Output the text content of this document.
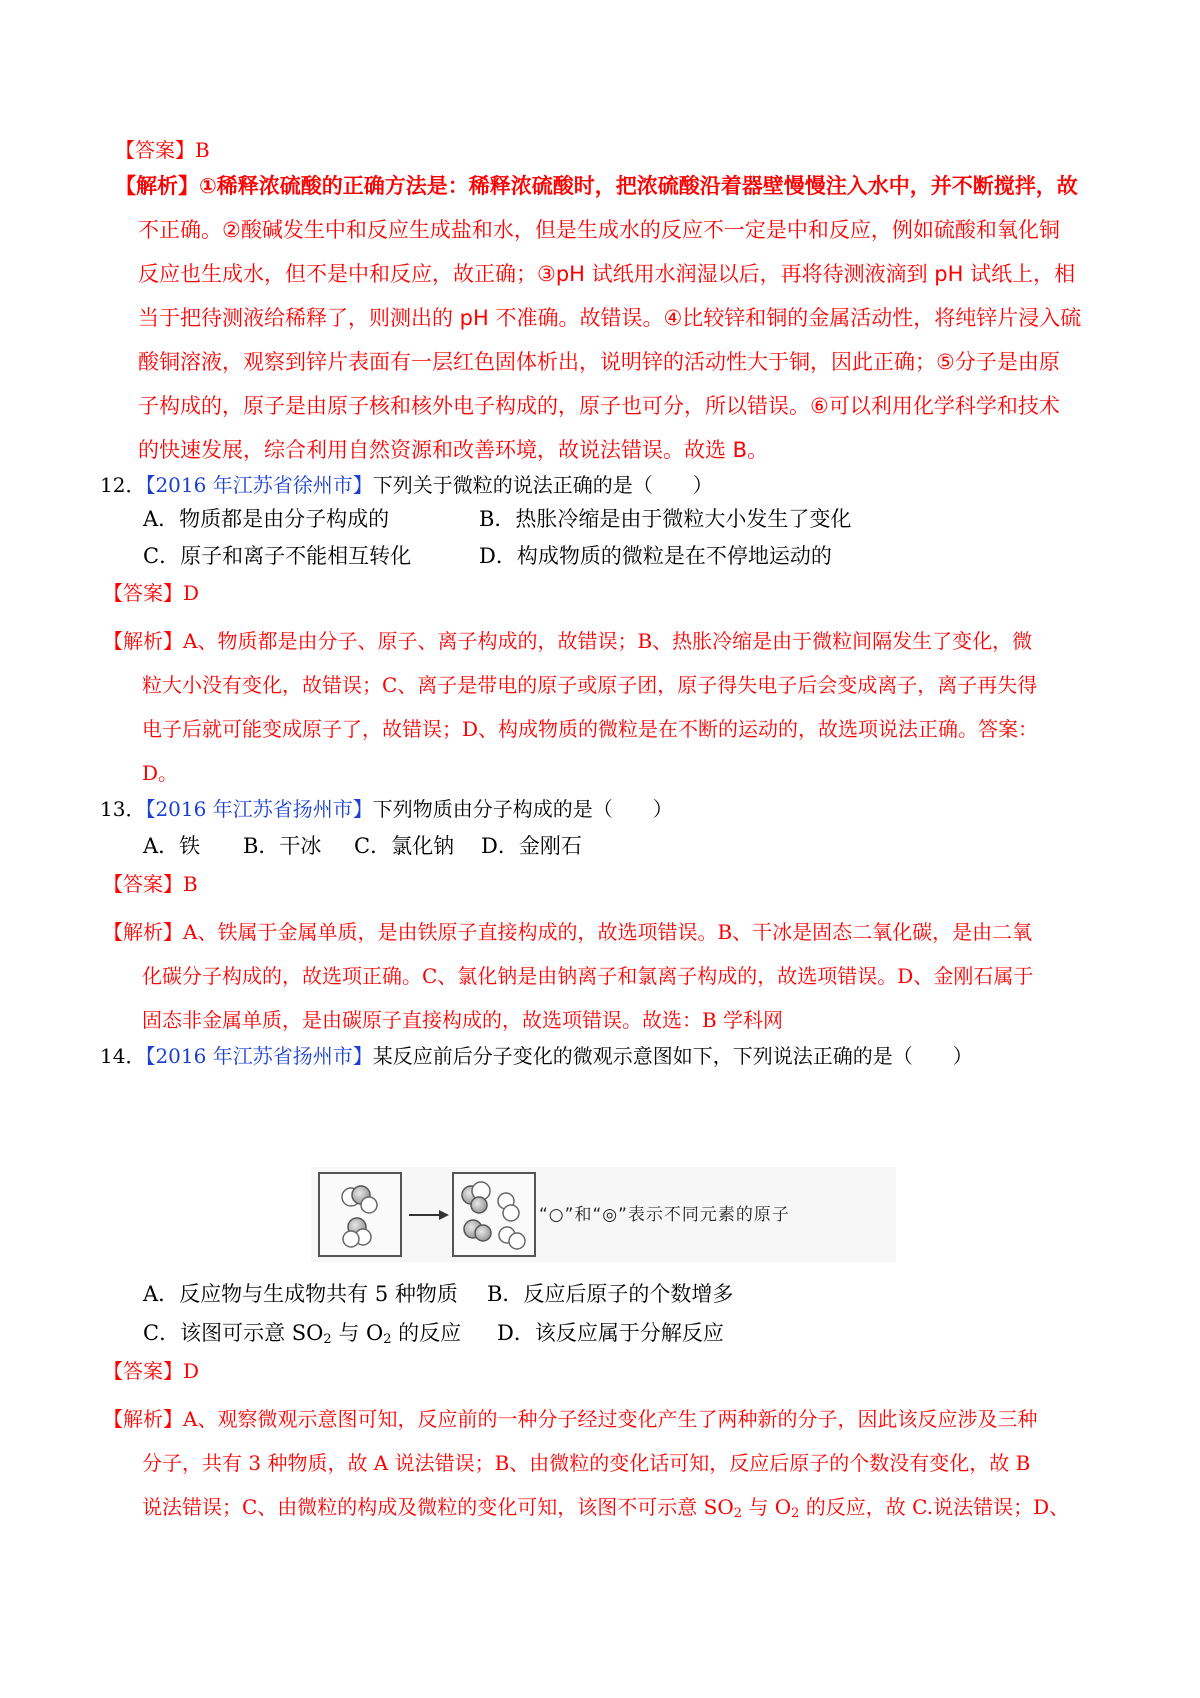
【答案】B
【解析】①稀释浓硫酸的正确方法是：稀释浓硫酸时，把浓硫酸沿着器壁慢慢注入水中，并不断搅拌，故
不正确。②酸碱发生中和反应生成盐和水，但是生成水的反应不一定是中和反应，例如硫酸和氧化铜
反应也生成水，但不是中和反应，故正确；③pH 试纸用水润湿以后，再将待测液滴到 pH 试纸上，相
当于把待测液给稀释了，则测出的 pH 不准确。故错误。④比较锌和铜的金属活动性，将纯锌片浸入硫
酸铜溶液，观察到锌片表面有一层红色固体析出，说明锌的活动性大于铜，因此正确；⑤分子是由原
子构成的，原子是由原子核和核外电子构成的，原子也可分，所以错误。⑥可以利用化学科学和技术
的快速发展，综合利用自然资源和改善环境，故说法错误。故选 B。
12．【2016 年江苏省徐州市】下列关于微粒的说法正确的是（　　）
A．物质都是由分子构成的	B．热胀冷缩是由于微粒大小发生了变化
C．原子和离子不能相互转化	D．构成物质的微粒是在不停地运动的
【答案】D
【解析】A、物质都是由分子、原子、离子构成的，故错误；B、热胀冷缩是由于微粒间隔发生了变化，微
粒大小没有变化，故错误；C、离子是带电的原子或原子团，原子得失电子后会变成离子，离子再失得
电子后就可能变成原子了，故错误；D、构成物质的微粒是在不断的运动的，故选项说法正确。答案：
D。
13．【2016 年江苏省扬州市】下列物质由分子构成的是（　　）
A．铁 B．干冰 C．氯化钠 D．金刚石
【答案】B
【解析】A、铁属于金属单质，是由铁原子直接构成的，故选项错误。B、干冰是固态二氧化碳，是由二氧
化碳分子构成的，故选项正确。C、氯化钠是由钠离子和氯离子构成的，故选项错误。D、金刚石属于
固态非金属单质，是由碳原子直接构成的，故选项错误。故选：B 学科网
14．【2016 年江苏省扬州市】某反应前后分子变化的微观示意图如下，下列说法正确的是（　　）
“○”和“◎”表示不同元素的原子
A．反应物与生成物共有 5 种物质 B．反应后原子的个数增多
C．该图可示意 $SO_2$ 与 $O_2$ 的反应 D．该反应属于分解反应
【答案】D
【解析】A、观察微观示意图可知，反应前的一种分子经过变化产生了两种新的分子，因此该反应涉及三种
分子，共有 3 种物质，故 A 说法错误；B、由微粒的变化话可知，反应后原子的个数没有变化，故 B
说法错误；C、由微粒的构成及微粒的变化可知，该图不可示意 $SO_2$ 与 $O_2$ 的反应，故 C.说法错误；D、
